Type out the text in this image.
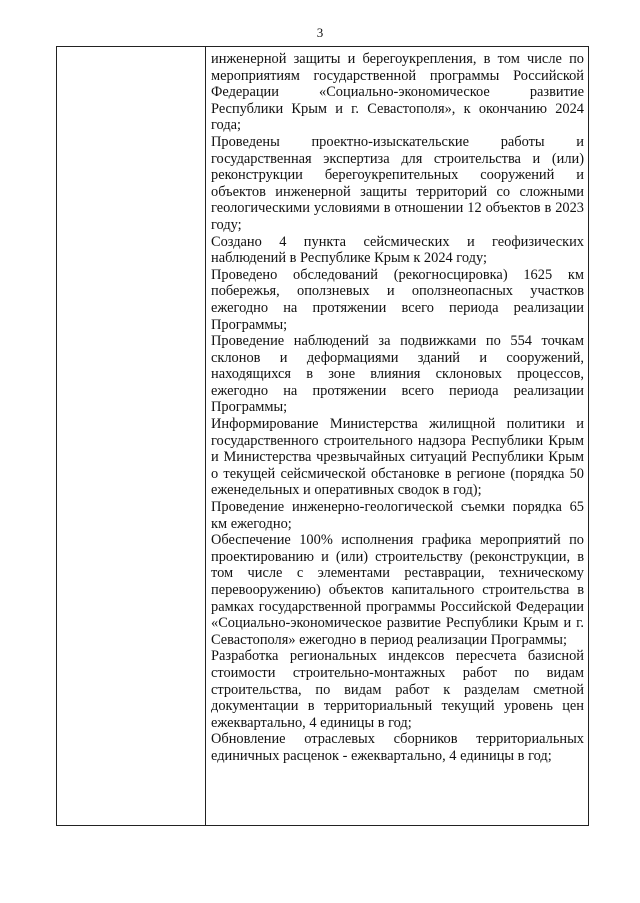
3

инженерной защиты и берегоукрепления, в том числе по мероприятиям государственной программы Российской Федерации «Социально-экономическое развитие Республики Крым и г. Севастополя», к окончанию 2024 года;

Проведены проектно-изыскательские работы и государственная экспертиза для строительства и (или) реконструкции берегоукрепительных сооружений и объектов инженерной защиты территорий со сложными геологическими условиями в отношении 12 объектов в 2023 году;

Создано 4 пункта сейсмических и геофизических наблюдений в Республике Крым к 2024 году;

Проведено обследований (рекогносцировка) 1625 км побережья, оползневых и оползнеопасных участков ежегодно на протяжении всего периода реализации Программы;

Проведение наблюдений за подвижками по 554 точкам склонов и деформациями зданий и сооружений, находящихся в зоне влияния склоновых процессов, ежегодно на протяжении всего периода реализации Программы;

Информирование Министерства жилищной политики и государственного строительного надзора Республики Крым и Министерства чрезвычайных ситуаций Республики Крым о текущей сейсмической обстановке в регионе (порядка 50 еженедельных и оперативных сводок в год);

Проведение инженерно-геологической съемки порядка 65 км ежегодно;

Обеспечение 100% исполнения графика мероприятий по проектированию и (или) строительству (реконструкции, в том числе с элементами реставрации, техническому перевооружению) объектов капитального строительства в рамках государственной программы Российской Федерации «Социально-экономическое развитие Республики Крым и г. Севастополя» ежегодно в период реализации Программы;

Разработка региональных индексов пересчета базисной стоимости строительно-монтажных работ по видам строительства, по видам работ к разделам сметной документации в территориальный текущий уровень цен ежеквартально, 4 единицы в год;

Обновление отраслевых сборников территориальных единичных расценок - ежеквартально, 4 единицы в год;
